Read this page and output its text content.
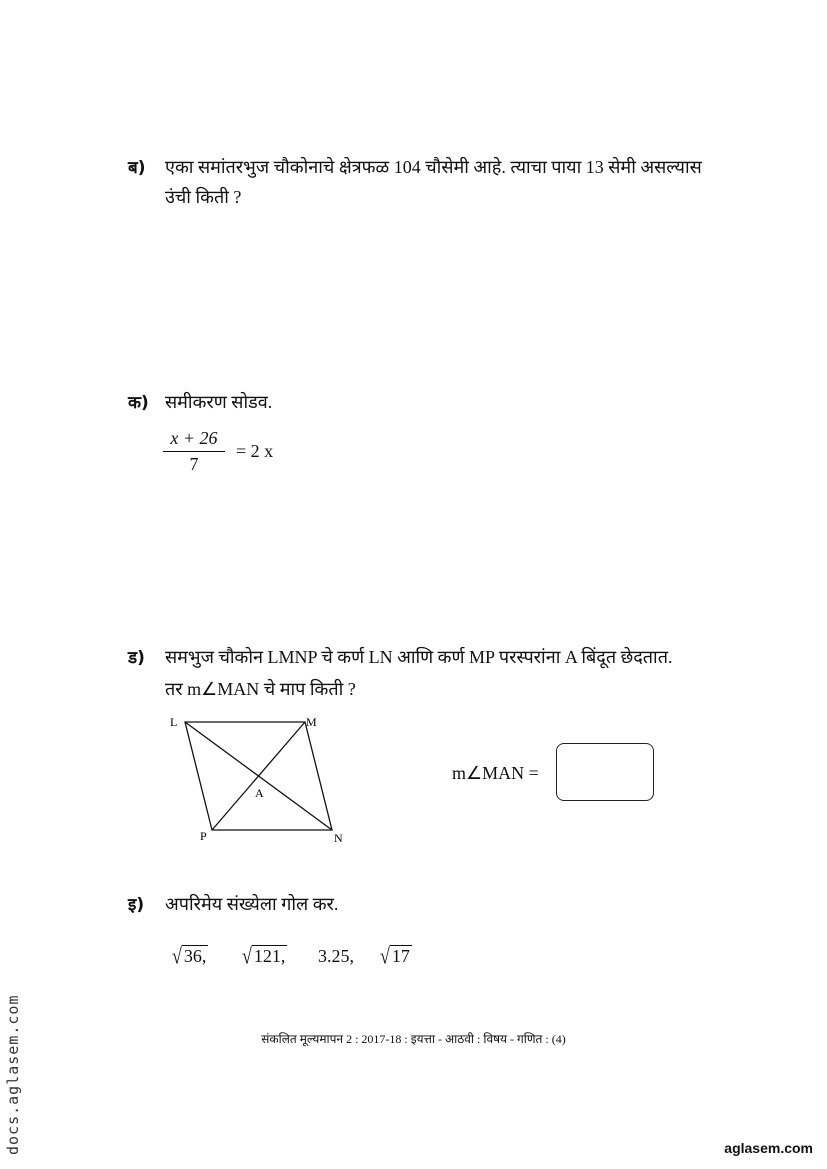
ब) एका समांतरभुज चौकोनाचे क्षेत्रफळ 104 चौसेमी आहे. त्याचा पाया 13 सेमी असल्यास
उंची किती ?
क) समीकरण सोडव.
$\frac{x + 26}{7} = 2$ x
ड) समभुज चौकोन LMNP चे कर्ण LN आणि कर्ण MP परस्परांना A बिंदूत छेदतात.
तर m∠MAN चे माप किती ?
L	M
N
P
A
m∠MAN =
इ) अपरिमेय संख्येला गोल कर.
√ 36, √ 121, 3.25, √ 17
संकलित मूल्यमापन 2 : 2017-18 : इयत्ता - आठवी : विषय - गणित : (4)
docs.aglasem.com	aglasem.com
